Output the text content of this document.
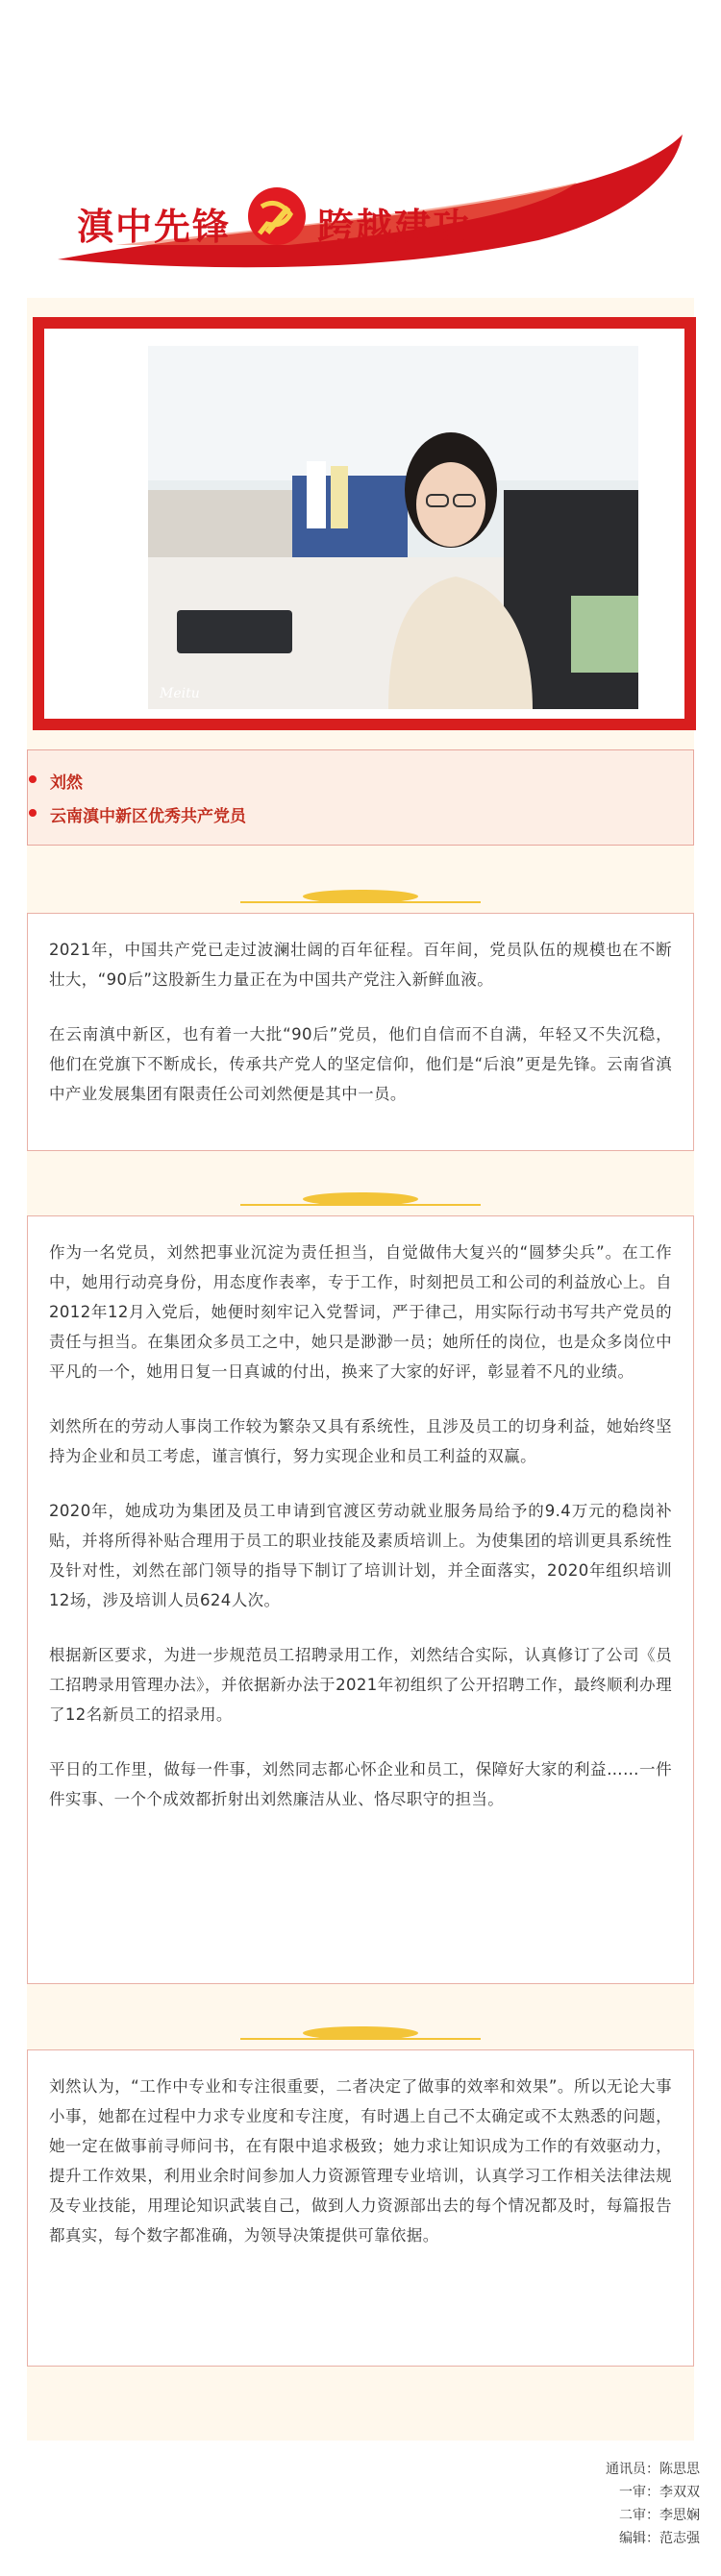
滇中先锋 跨越建功
Meitu
刘然
云南滇中新区优秀共产党员

2021年，中国共产党已走过波澜壮阔的百年征程。百年间，党员队伍的规模也在不断壮大，“90后”这股新生力量正在为中国共产党注入新鲜血液。

在云南滇中新区，也有着一大批“90后”党员，他们自信而不自满，年轻又不失沉稳，他们在党旗下不断成长，传承共产党人的坚定信仰，他们是“后浪”更是先锋。云南省滇中产业发展集团有限责任公司刘然便是其中一员。

作为一名党员，刘然把事业沉淀为责任担当，自觉做伟大复兴的“圆梦尖兵”。在工作中，她用行动亮身份，用态度作表率，专于工作，时刻把员工和公司的利益放心上。自2012年12月入党后，她便时刻牢记入党誓词，严于律己，用实际行动书写共产党员的责任与担当。在集团众多员工之中，她只是渺渺一员；她所任的岗位，也是众多岗位中平凡的一个，她用日复一日真诚的付出，换来了大家的好评，彰显着不凡的业绩。

刘然所在的劳动人事岗工作较为繁杂又具有系统性，且涉及员工的切身利益，她始终坚持为企业和员工考虑，谨言慎行，努力实现企业和员工利益的双赢。

2020年，她成功为集团及员工申请到官渡区劳动就业服务局给予的9.4万元的稳岗补贴，并将所得补贴合理用于员工的职业技能及素质培训上。为使集团的培训更具系统性及针对性，刘然在部门领导的指导下制订了培训计划，并全面落实，2020年组织培训12场，涉及培训人员624人次。

根据新区要求，为进一步规范员工招聘录用工作，刘然结合实际，认真修订了公司《员工招聘录用管理办法》，并依据新办法于2021年初组织了公开招聘工作，最终顺利办理了12名新员工的招录用。

平日的工作里，做每一件事，刘然同志都心怀企业和员工，保障好大家的利益……一件件实事、一个个成效都折射出刘然廉洁从业、恪尽职守的担当。

刘然认为，“工作中专业和专注很重要，二者决定了做事的效率和效果”。所以无论大事小事，她都在过程中力求专业度和专注度，有时遇上自己不太确定或不太熟悉的问题，她一定在做事前寻师问书，在有限中追求极致；她力求让知识成为工作的有效驱动力，提升工作效果，利用业余时间参加人力资源管理专业培训，认真学习工作相关法律法规及专业技能，用理论知识武装自己，做到人力资源部出去的每个情况都及时，每篇报告都真实，每个数字都准确，为领导决策提供可靠依据。

通讯员：陈思思
一审：李双双
二审：李思娴
编辑：范志强
